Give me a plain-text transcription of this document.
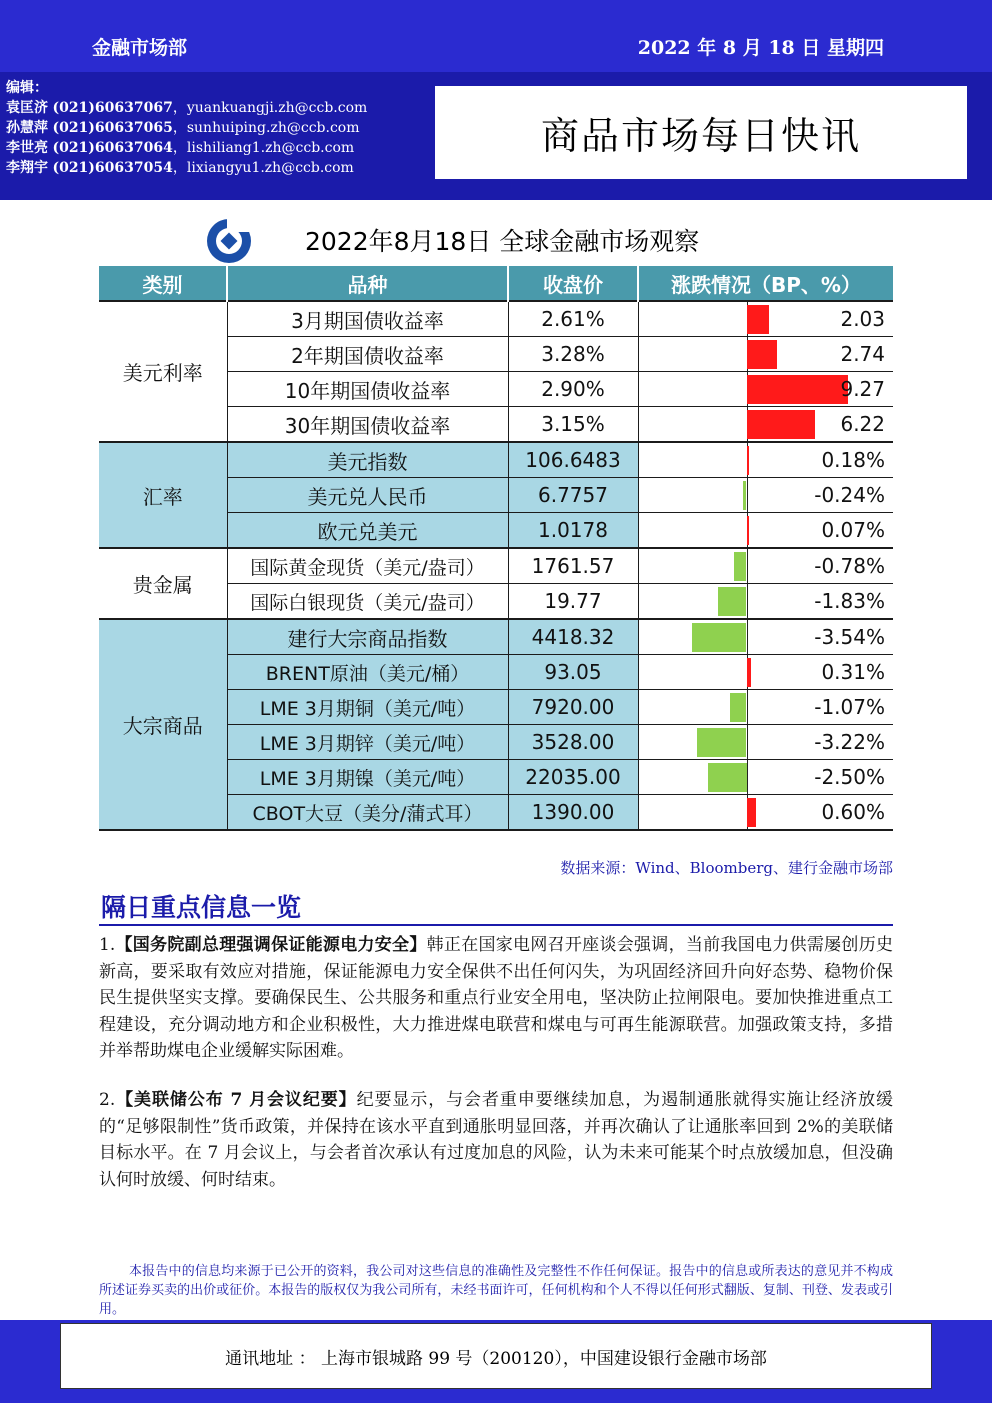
金融市场部	2022 年 8 月 18 日 星期四
编辑：
袁匡济 (021)60637067，yuankuangji.zh@ccb.com
孙慧萍 (021)60637065，sunhuiping.zh@ccb.com
李世亮 (021)60637064，lishiliang1.zh@ccb.com
李翔宇 (021)60637054，lixiangyu1.zh@ccb.com
商品市场每日快讯
2022年8月18日 全球金融市场观察
类别	品种	收盘价	涨跌情况（BP、%）
美元利率	3月期国债收益率	2.61%	2.03
	2年期国债收益率	3.28%	2.74
	10年期国债收益率	2.90%	9.27
	30年期国债收益率	3.15%	6.22
汇率	美元指数	106.6483	0.18%
	美元兑人民币	6.7757	-0.24%
	欧元兑美元	1.0178	0.07%
贵金属	国际黄金现货（美元/盎司）	1761.57	-0.78%
	国际白银现货（美元/盎司）	19.77	-1.83%
大宗商品	建行大宗商品指数	4418.32	-3.54%
	BRENT原油（美元/桶）	93.05	0.31%
	LME 3月期铜（美元/吨）	7920.00	-1.07%
	LME 3月期锌（美元/吨）	3528.00	-3.22%
	LME 3月期镍（美元/吨）	22035.00	-2.50%
	CBOT大豆（美分/蒲式耳）	1390.00	0.60%
数据来源：Wind、Bloomberg、建行金融市场部
隔日重点信息一览
1.【国务院副总理强调保证能源电力安全】韩正在国家电网召开座谈会强调，当前我国电力供需屡创历史新高，要采取有效应对措施，保证能源电力安全保供不出任何闪失，为巩固经济回升向好态势、稳物价保民生提供坚实支撑。要确保民生、公共服务和重点行业安全用电，坚决防止拉闸限电。要加快推进重点工程建设，充分调动地方和企业积极性，大力推进煤电联营和煤电与可再生能源联营。加强政策支持，多措并举帮助煤电企业缓解实际困难。
2.【美联储公布 7 月会议纪要】纪要显示，与会者重申要继续加息，为遏制通胀就得实施让经济放缓的“足够限制性”货币政策，并保持在该水平直到通胀明显回落，并再次确认了让通胀率回到 2%的美联储目标水平。在 7 月会议上，与会者首次承认有过度加息的风险，认为未来可能某个时点放缓加息，但没确认何时放缓、何时结束。
本报告中的信息均来源于已公开的资料，我公司对这些信息的准确性及完整性不作任何保证。报告中的信息或所表达的意见并不构成所述证券买卖的出价或征价。本报告的版权仅为我公司所有，未经书面许可，任何机构和个人不得以任何形式翻版、复制、刊登、发表或引用。
通讯地址 ： 上海市银城路 99 号（200120），中国建设银行金融市场部
